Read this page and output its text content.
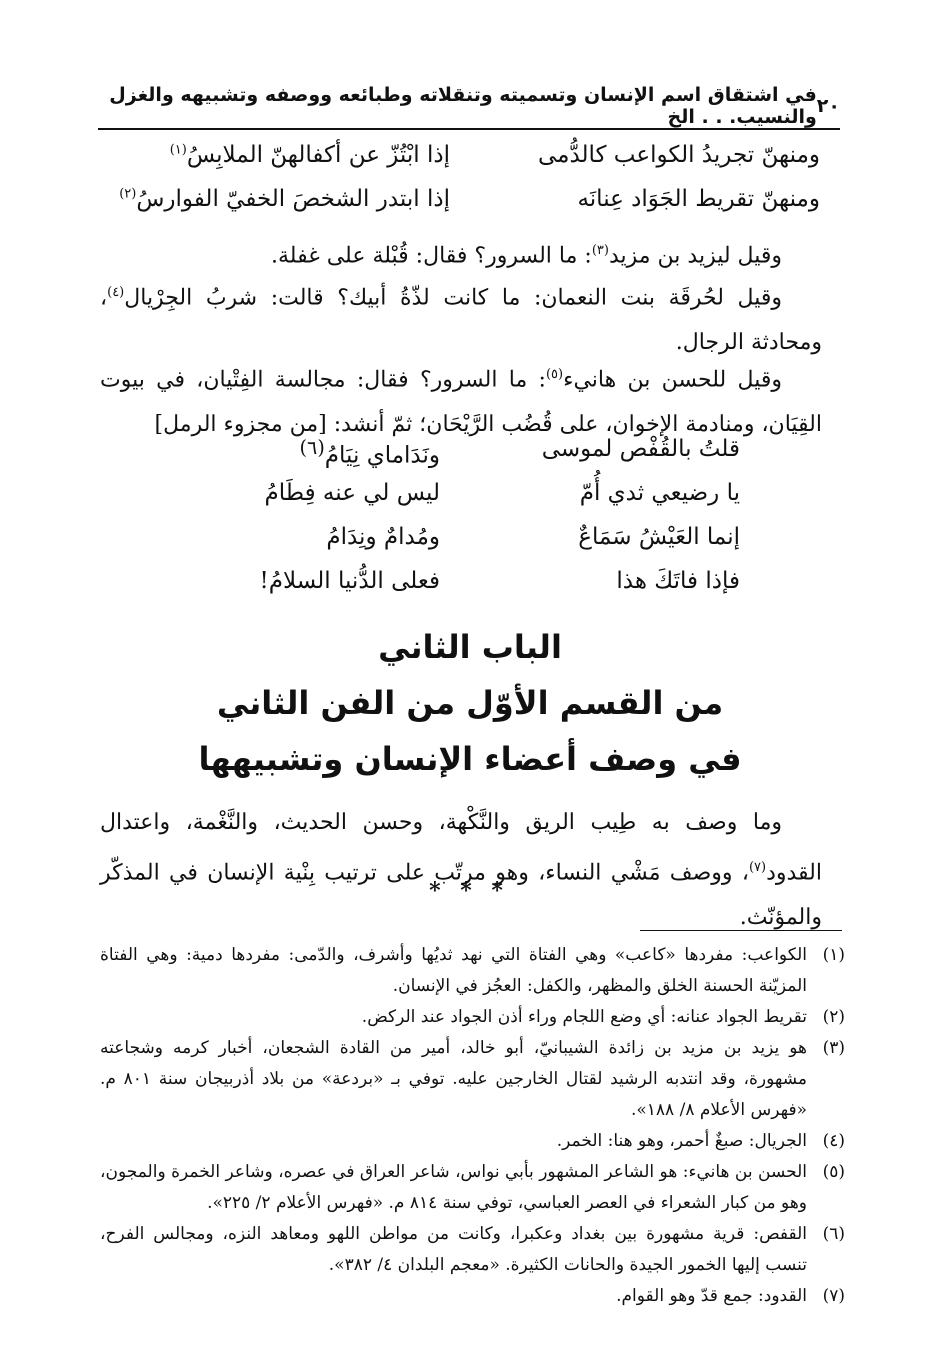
٢٠
في اشتقاق اسم الإنسان وتسميته وتنقلاته وطبائعه ووصفه وتشبيهه والغزل والنسيب. . . الخ
ومنهنّ تجريدُ الكواعب كالدُّمى
إذا ابْتُزّ عن أكفالهنّ الملابِسُ$^{(١)}$
ومنهنّ تقريط الجَوَاد عِنانَه
إذا ابتدر الشخصَ الخفيّ الفوارسُ$^{(٢)}$
وقيل ليزيد بن مزيد$^{(٣)}$: ما السرور؟ فقال: قُبْلة على غفلة.
وقيل لحُرقَة بنت النعمان: ما كانت لذّةُ أبيك؟ قالت: شربُ الجِرْيال$^{(٤)}$، ومحادثة الرجال.
وقيل للحسن بن هانيء$^{(٥)}$: ما السرور؟ فقال: مجالسة الفِتْيان، في بيوت القِيَان، ومنادمة الإخوان، على قُضُب الرَّيْحَان؛ ثمّ أنشد: [من مجزوء الرمل]
قلتُ بالقُفْص لموسى
ونَدَاماي نِيَامُ$^{(٦)}$
يا رضيعي ثدي أُمّ
ليس لي عنه فِطَامُ
إنما العَيْشُ سَمَاعٌ
ومُدامٌ ونِدَامُ
فإذا فاتَكَ هذا
فعلى الدُّنيا السلامُ!
الباب الثاني
من القسم الأوّل من الفن الثاني
في وصف أعضاء الإنسان وتشبيهها
وما وصف به طِيب الريق والنَّكْهة، وحسن الحديث، والنَّغْمة، واعتدال القدود$^{(٧)}$، ووصف مَشْي النساء، وهو مرتّب على ترتيب بِنْية الإنسان في المذكّر والمؤنّث.
* * *
(١)
الكواعب: مفردها «كاعب» وهي الفتاة التي نهد ثديُها وأشرف، والدّمى: مفردها دمية: وهي الفتاة المزيّنة الحسنة الخلق والمظهر، والكفل: العجُز في الإنسان.
(٢)
تقريط الجواد عنانه: أي وضع اللجام وراء أذن الجواد عند الركض.
(٣)
هو يزيد بن مزيد بن زائدة الشيبانيّ، أبو خالد، أمير من القادة الشجعان، أخبار كرمه وشجاعته مشهورة، وقد انتدبه الرشيد لقتال الخارجين عليه. توفي بـ «بردعة» من بلاد أذربيجان سنة ٨٠١ م. «فهرس الأعلام ٨/ ١٨٨».
(٤)
الجريال: صبغٌ أحمر، وهو هنا: الخمر.
(٥)
الحسن بن هانيء: هو الشاعر المشهور بأبي نواس، شاعر العراق في عصره، وشاعر الخمرة والمجون، وهو من كبار الشعراء في العصر العباسي، توفي سنة ٨١٤ م. «فهرس الأعلام ٢/ ٢٢٥».
(٦)
القفص: قرية مشهورة بين بغداد وعكبرا، وكانت من مواطن اللهو ومعاهد النزه، ومجالس الفرح، تنسب إليها الخمور الجيدة والحانات الكثيرة. «معجم البلدان ٤/ ٣٨٢».
(٧)
القدود: جمع قدّ وهو القوام.
